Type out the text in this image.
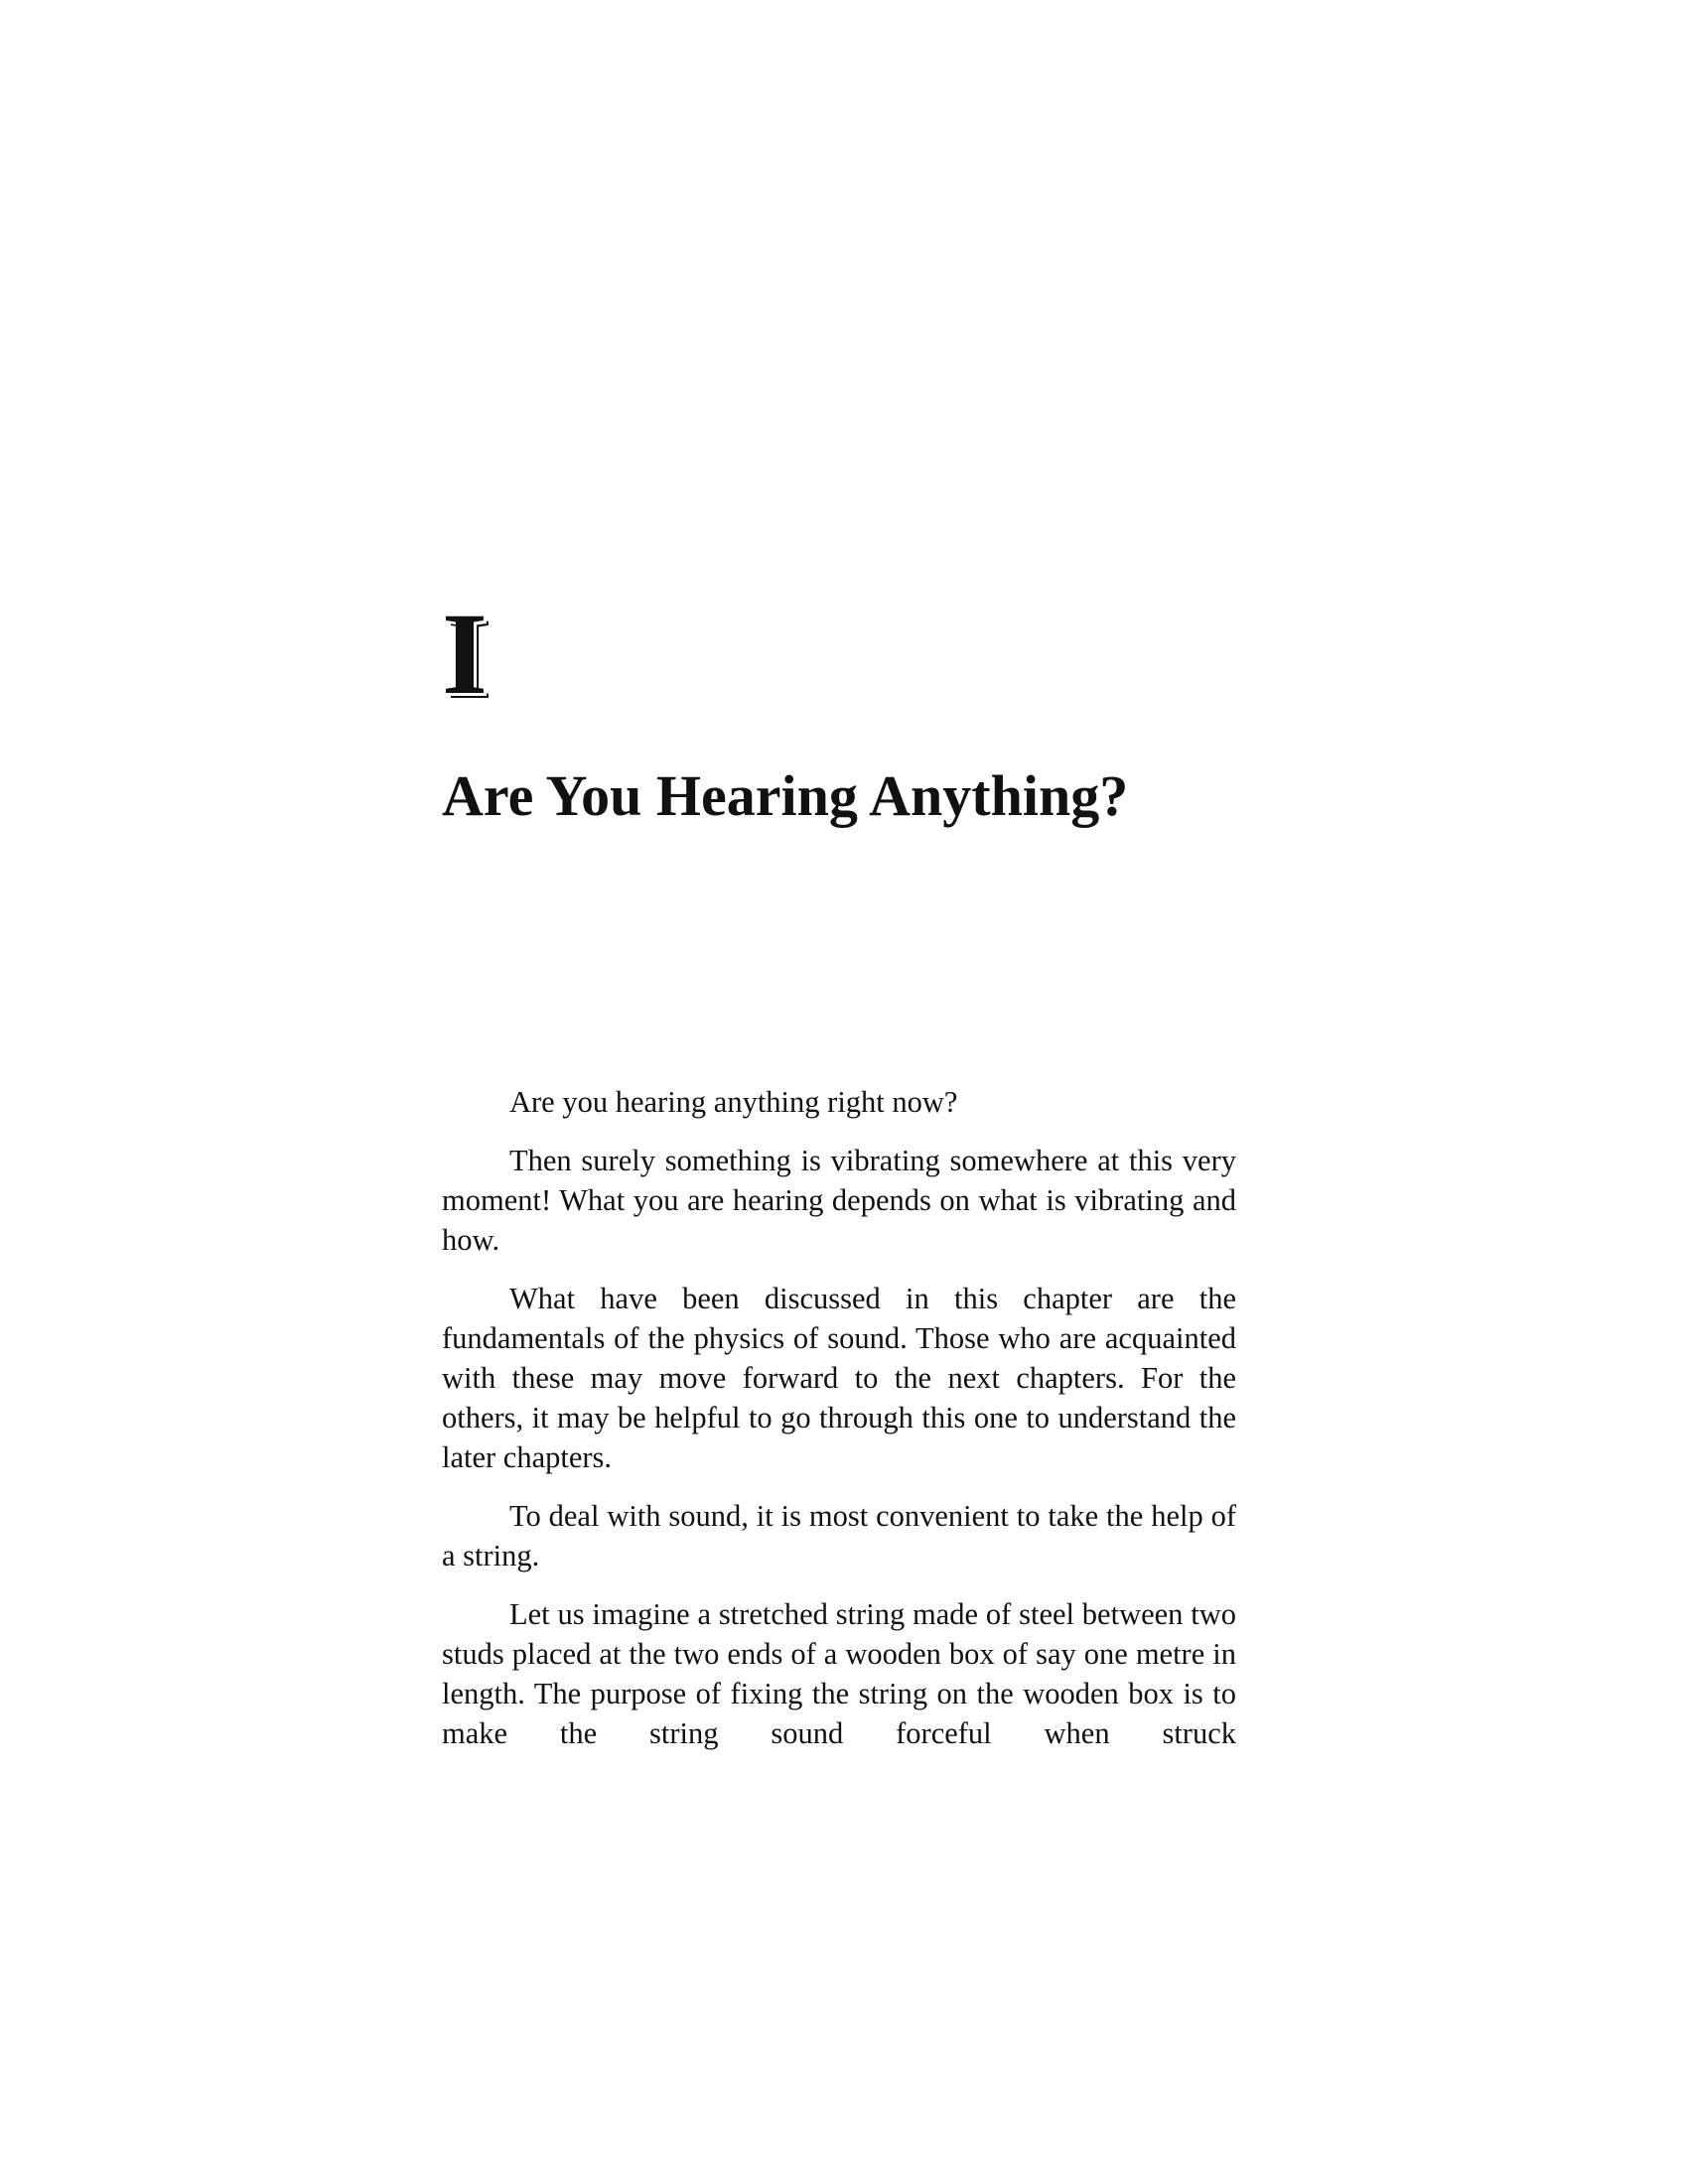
I
Are You Hearing Anything?

Are you hearing anything right now?

Then surely something is vibrating somewhere at this very moment! What you are hearing depends on what is vibrating and how.

What have been discussed in this chapter are the fundamentals of the physics of sound. Those who are acquainted with these may move forward to the next chapters. For the others, it may be helpful to go through this one to understand the later chapters.

To deal with sound, it is most convenient to take the help of a string.

Let us imagine a stretched string made of steel between two studs placed at the two ends of a wooden box of say one metre in length. The purpose of fixing the string on the wooden box is to make the string sound forceful when struck
